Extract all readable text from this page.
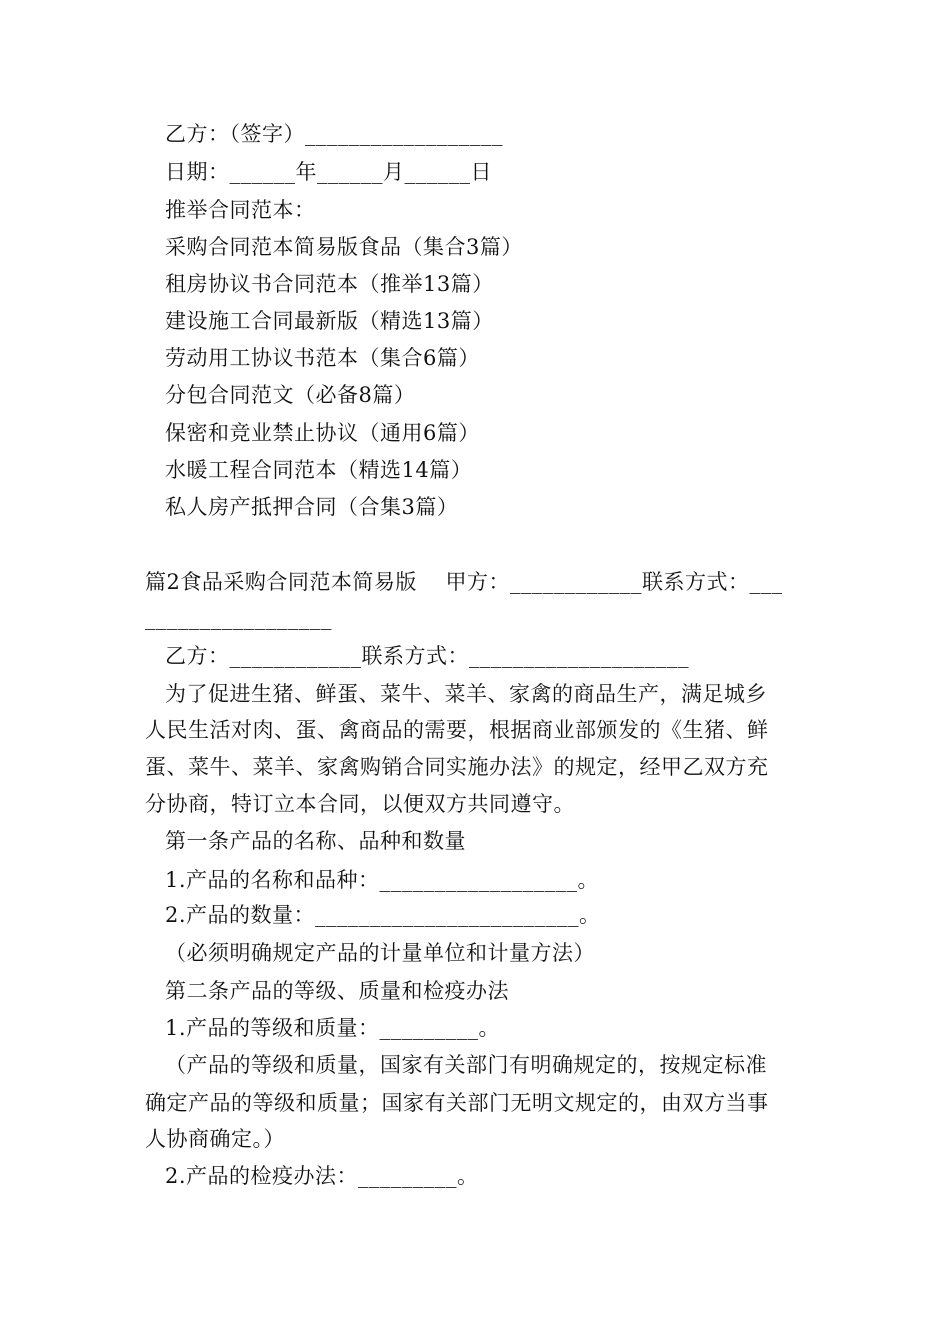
乙方：（签字）__________________
日期：______年______月______日
推举合同范本：
采购合同范本简易版食品（集合3篇）
租房协议书合同范本（推举13篇）
建设施工合同最新版（精选13篇）
劳动用工协议书范本（集合6篇）
分包合同范文（必备8篇）
保密和竞业禁止协议（通用6篇）
水暖工程合同范本（精选14篇）
私人房产抵押合同（合集3篇）
篇2食品采购合同范本简易版    甲方：____________联系方式：___
_________________
乙方：____________联系方式：____________________
为了促进生猪、鲜蛋、菜牛、菜羊、家禽的商品生产，满足城乡
人民生活对肉、蛋、禽商品的需要，根据商业部颁发的《生猪、鲜
蛋、菜牛、菜羊、家禽购销合同实施办法》的规定，经甲乙双方充
分协商，特订立本合同，以便双方共同遵守。
第一条产品的名称、品种和数量
1.产品的名称和品种：__________________。
2.产品的数量：________________________。
（必须明确规定产品的计量单位和计量方法）
第二条产品的等级、质量和检疫办法
1.产品的等级和质量：_________。
（产品的等级和质量，国家有关部门有明确规定的，按规定标准
确定产品的等级和质量；国家有关部门无明文规定的，由双方当事
人协商确定。）
2.产品的检疫办法：_________。
